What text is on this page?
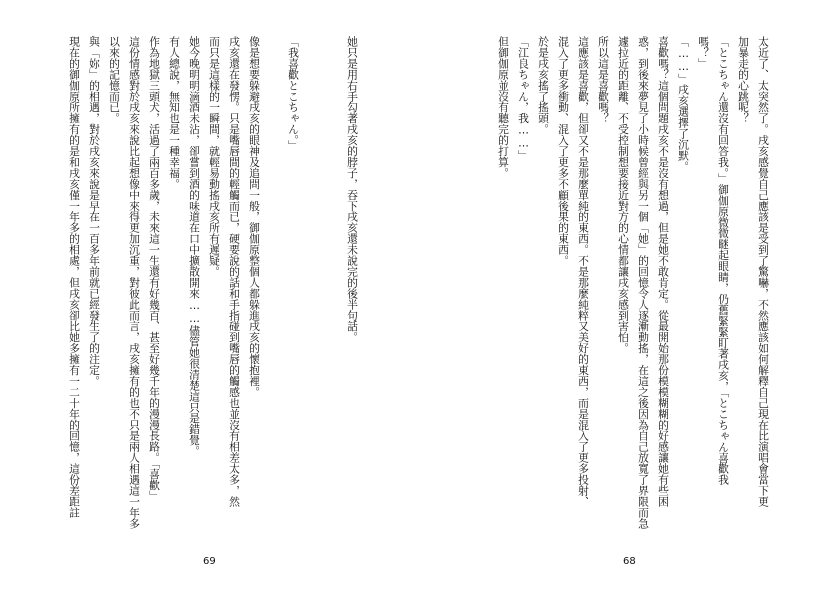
她只是用右手勾著戌亥的脖子，吞下戌亥還未說完的後半句話。
「我喜歡とこちゃん。」
像是想要躲避戌亥的眼神及追問一般，御伽原整個人都躲進戌亥的懷抱裡。
戌亥還在發愣。只是嘴唇間的輕觸而已，硬要說的話和手指碰到嘴唇的觸感也並沒有相差太多，然
而只是這樣的一瞬間，就輕易動搖戌亥所有遲疑。
她今晚明明滴酒未沾，卻嘗到酒的味道在口中擴散開來……儘管她很清楚這只是錯覺。
有人總說，無知也是一種幸福。
作為地獄三頭犬，活過了兩百多歲，未來這一生還有好幾百、甚至好幾千年的漫漫長路。「喜歡」
這份情感對於戌亥來說比起想像中來得更加沉重，對彼此而言，戌亥擁有的也不只是兩人相遇這一年多
以來的記憶而已。
與「妳」的相遇，對於戌亥來說是早在一百多年前就已經發生了的注定。
現在的御伽原所擁有的是和戌亥僅一年多的相處，但戌亥卻比她多擁有一二十年的回憶，這份差距註
69
太近了、太突然了。戌亥感覺自己應該是受到了驚嚇，不然應該如何解釋自己現在比演唱會當下更
加暴走的心跳呢？
「とこちゃん還沒有回答我。」御伽原微微瞇起眼睛，仍舊緊緊盯著戌亥，「とこちゃん喜歡我
嗎？」
「……」戌亥選擇了沉默。
喜歡嗎？這個問題戌亥不是沒有想過，但是她不敢肯定。從最開始那份模模糊糊的好感讓她有些困
惑，到後來夢見了小時候曾經與另一個「她」的回憶令人逐漸動搖，在這之後因為自己放寬了界限而急
遽拉近的距離、不受控制想要接近對方的心情都讓戌亥感到害怕。
所以這是喜歡嗎？
這應該是喜歡，但卻又不是那麼單純的東西。不是那麼純粹又美好的東西，而是混入了更多投射、
混入了更多衝動、混入了更多不顧後果的東西。
於是戌亥搖了搖頭。
「江良ちゃん，我……」
但御伽原並沒有聽完的打算。
68
